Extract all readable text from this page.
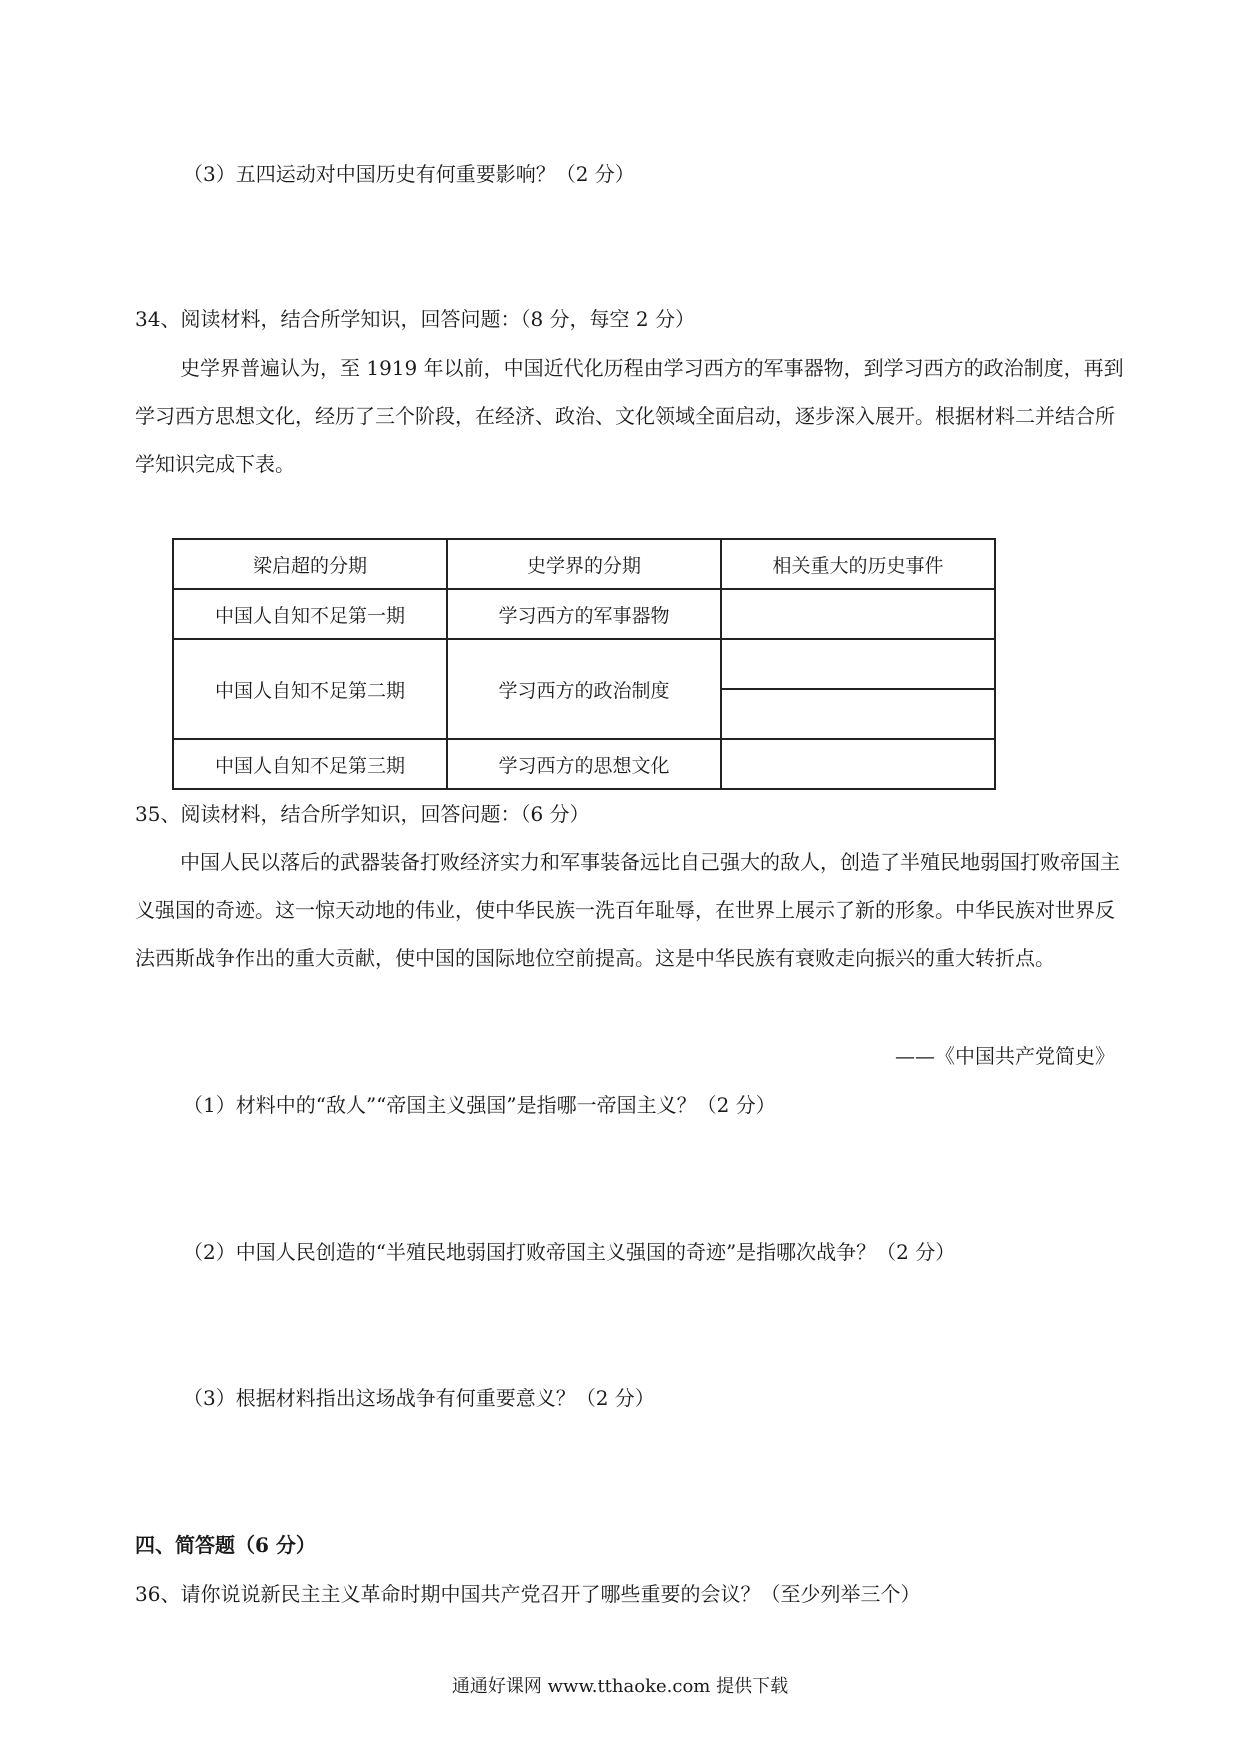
（3）五四运动对中国历史有何重要影响？（2 分）
34、阅读材料，结合所学知识，回答问题：（8 分，每空 2 分）
史学界普遍认为，至 1919 年以前，中国近代化历程由学习西方的军事器物，到学习西方的政治制度，再到学习西方思想文化，经历了三个阶段，在经济、政治、文化领域全面启动，逐步深入展开。根据材料二并结合所学知识完成下表。
梁启超的分期	史学界的分期	相关重大的历史事件
中国人自知不足第一期	学习西方的军事器物	
中国人自知不足第二期	学习西方的政治制度	

中国人自知不足第三期	学习西方的思想文化	
35、阅读材料，结合所学知识，回答问题：（6 分）
中国人民以落后的武器装备打败经济实力和军事装备远比自己强大的敌人，创造了半殖民地弱国打败帝国主义强国的奇迹。这一惊天动地的伟业，使中华民族一洗百年耻辱，在世界上展示了新的形象。中华民族对世界反法西斯战争作出的重大贡献，使中国的国际地位空前提高。这是中华民族有衰败走向振兴的重大转折点。
——《中国共产党简史》
（1）材料中的“敌人”“帝国主义强国”是指哪一帝国主义？（2 分）
（2）中国人民创造的“半殖民地弱国打败帝国主义强国的奇迹”是指哪次战争？（2 分）
（3）根据材料指出这场战争有何重要意义？（2 分）
四、简答题（6 分）
36、请你说说新民主主义革命时期中国共产党召开了哪些重要的会议？（至少列举三个）
通通好课网 www.tthaoke.com 提供下载
